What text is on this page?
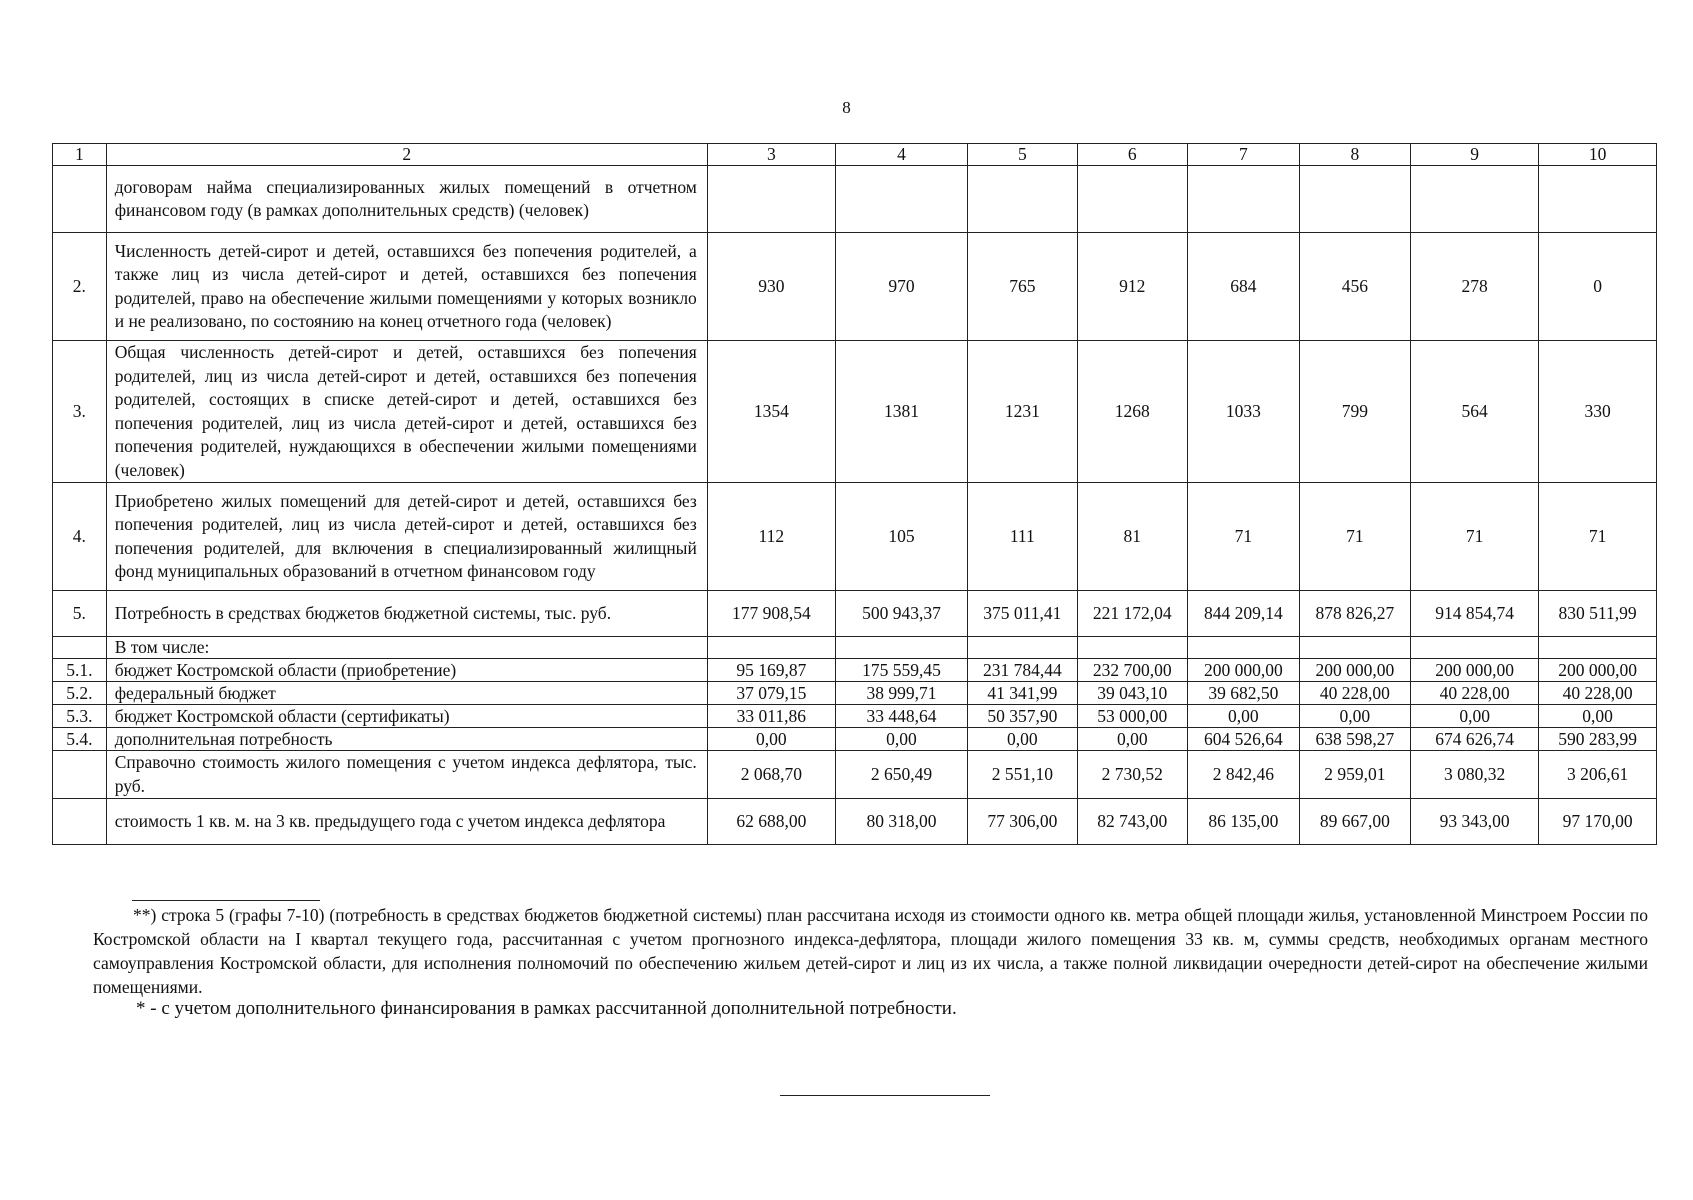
8
1	2	3	4	5	6	7	8	9	10
	договорам найма специализированных жилых помещений в отчетном финансовом году (в рамках дополнительных средств) (человек)								
2.	Численность детей-сирот и детей, оставшихся без попечения родителей, а также лиц из числа детей-сирот и детей, оставшихся без попечения родителей, право на обеспечение жилыми помещениями у которых возникло и не реализовано, по состоянию на конец отчетного года (человек)	930	970	765	912	684	456	278	0
3.	Общая численность детей-сирот и детей, оставшихся без попечения родителей, лиц из числа детей-сирот и детей, оставшихся без попечения родителей, состоящих в списке детей-сирот и детей, оставшихся без попечения родителей, лиц из числа детей-сирот и детей, оставшихся без попечения родителей, нуждающихся в обеспечении жилыми помещениями (человек)	1354	1381	1231	1268	1033	799	564	330
4.	Приобретено жилых помещений для детей-сирот и детей, оставшихся без попечения родителей, лиц из числа детей-сирот и детей, оставшихся без попечения родителей, для включения в специализированный жилищный фонд муниципальных образований в отчетном финансовом году	112	105	111	81	71	71	71	71
5.	Потребность в средствах бюджетов бюджетной системы, тыс. руб.	177 908,54	500 943,37	375 011,41	221 172,04	844 209,14	878 826,27	914 854,74	830 511,99
	В том числе:								
5.1.	бюджет Костромской области (приобретение)	95 169,87	175 559,45	231 784,44	232 700,00	200 000,00	200 000,00	200 000,00	200 000,00
5.2.	федеральный бюджет	37 079,15	38 999,71	41 341,99	39 043,10	39 682,50	40 228,00	40 228,00	40 228,00
5.3.	бюджет Костромской области (сертификаты)	33 011,86	33 448,64	50 357,90	53 000,00	0,00	0,00	0,00	0,00
5.4.	дополнительная потребность	0,00	0,00	0,00	0,00	604 526,64	638 598,27	674 626,74	590 283,99
	Справочно стоимость жилого помещения с учетом индекса дефлятора, тыс. руб.	2 068,70	2 650,49	2 551,10	2 730,52	2 842,46	2 959,01	3 080,32	3 206,61
	стоимость 1 кв. м. на 3 кв. предыдущего года с учетом индекса дефлятора	62 688,00	80 318,00	77 306,00	82 743,00	86 135,00	89 667,00	93 343,00	97 170,00
**) строка 5 (графы 7-10) (потребность в средствах бюджетов бюджетной системы) план рассчитана исходя из стоимости одного кв. метра общей площади жилья, установленной Минстроем России по Костромской области на I квартал текущего года, рассчитанная с учетом прогнозного индекса-дефлятора, площади жилого помещения 33 кв. м, суммы средств, необходимых органам местного самоуправления Костромской области, для исполнения полномочий по обеспечению жильем детей-сирот и лиц из их числа, а также полной ликвидации очередности детей-сирот на обеспечение жилыми помещениями.
* - с учетом дополнительного финансирования в рамках рассчитанной дополнительной потребности.
